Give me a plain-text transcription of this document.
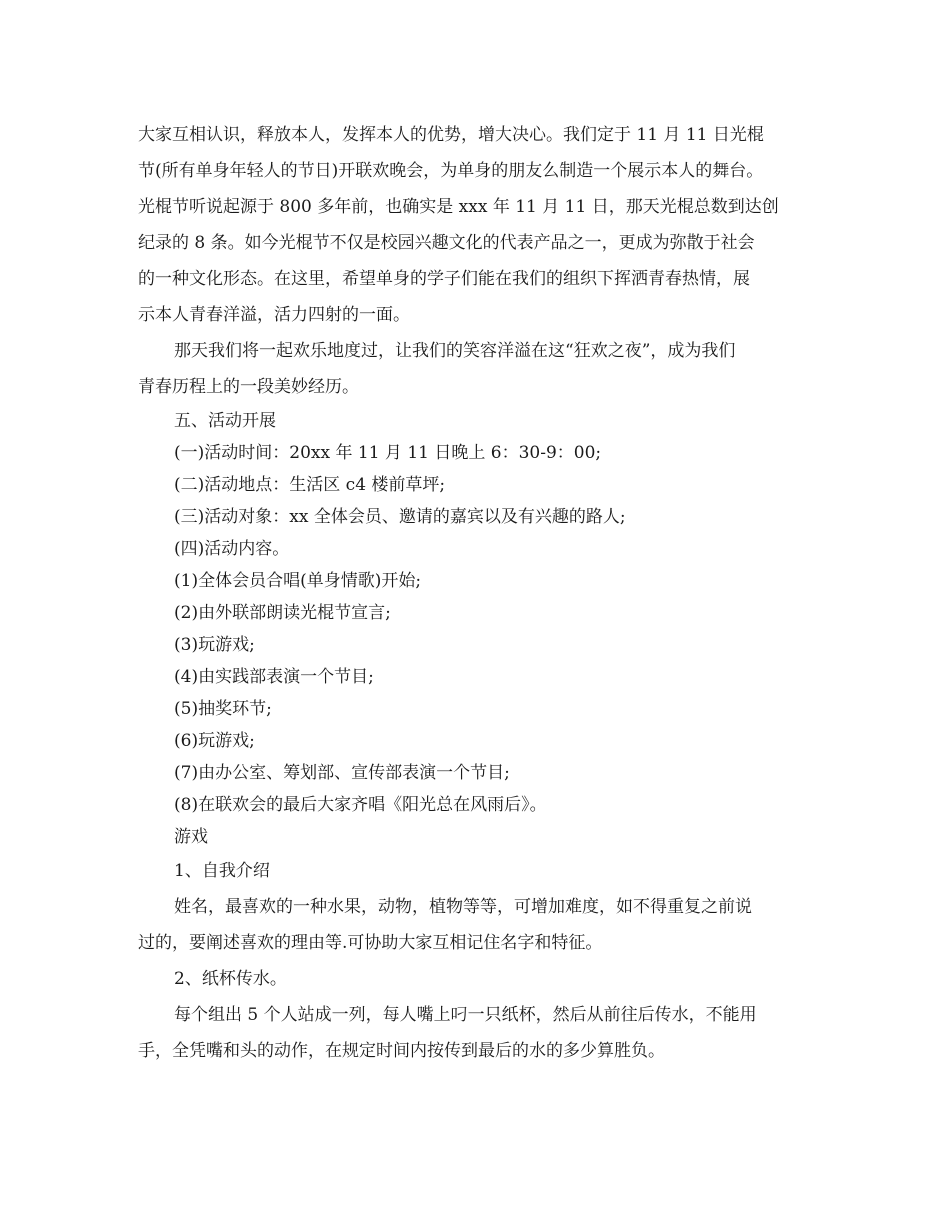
大家互相认识，释放本人，发挥本人的优势，增大决心。我们定于 11 月 11 日光棍

节(所有单身年轻人的节日)开联欢晚会，为单身的朋友么制造一个展示本人的舞台。

光棍节听说起源于 800 多年前，也确实是 xxx 年 11 月 11 日，那天光棍总数到达创

纪录的 8 条。如今光棍节不仅是校园兴趣文化的代表产品之一，更成为弥散于社会

的一种文化形态。在这里，希望单身的学子们能在我们的组织下挥洒青春热情，展

示本人青春洋溢，活力四射的一面。

那天我们将一起欢乐地度过，让我们的笑容洋溢在这“狂欢之夜”，成为我们

青春历程上的一段美妙经历。

五、活动开展

(一)活动时间：20xx 年 11 月 11 日晚上 6：30-9：00;

(二)活动地点：生活区 c4 楼前草坪;

(三)活动对象：xx 全体会员、邀请的嘉宾以及有兴趣的路人;

(四)活动内容。

(1)全体会员合唱(单身情歌)开始;

(2)由外联部朗读光棍节宣言;

(3)玩游戏;

(4)由实践部表演一个节目;

(5)抽奖环节;

(6)玩游戏;

(7)由办公室、筹划部、宣传部表演一个节目;

(8)在联欢会的最后大家齐唱《阳光总在风雨后》。

游戏

1、自我介绍

姓名，最喜欢的一种水果，动物，植物等等，可增加难度，如不得重复之前说

过的，要阐述喜欢的理由等.可协助大家互相记住名字和特征。

2、纸杯传水。

每个组出 5 个人站成一列，每人嘴上叼一只纸杯，然后从前往后传水，不能用

手，全凭嘴和头的动作，在规定时间内按传到最后的水的多少算胜负。
